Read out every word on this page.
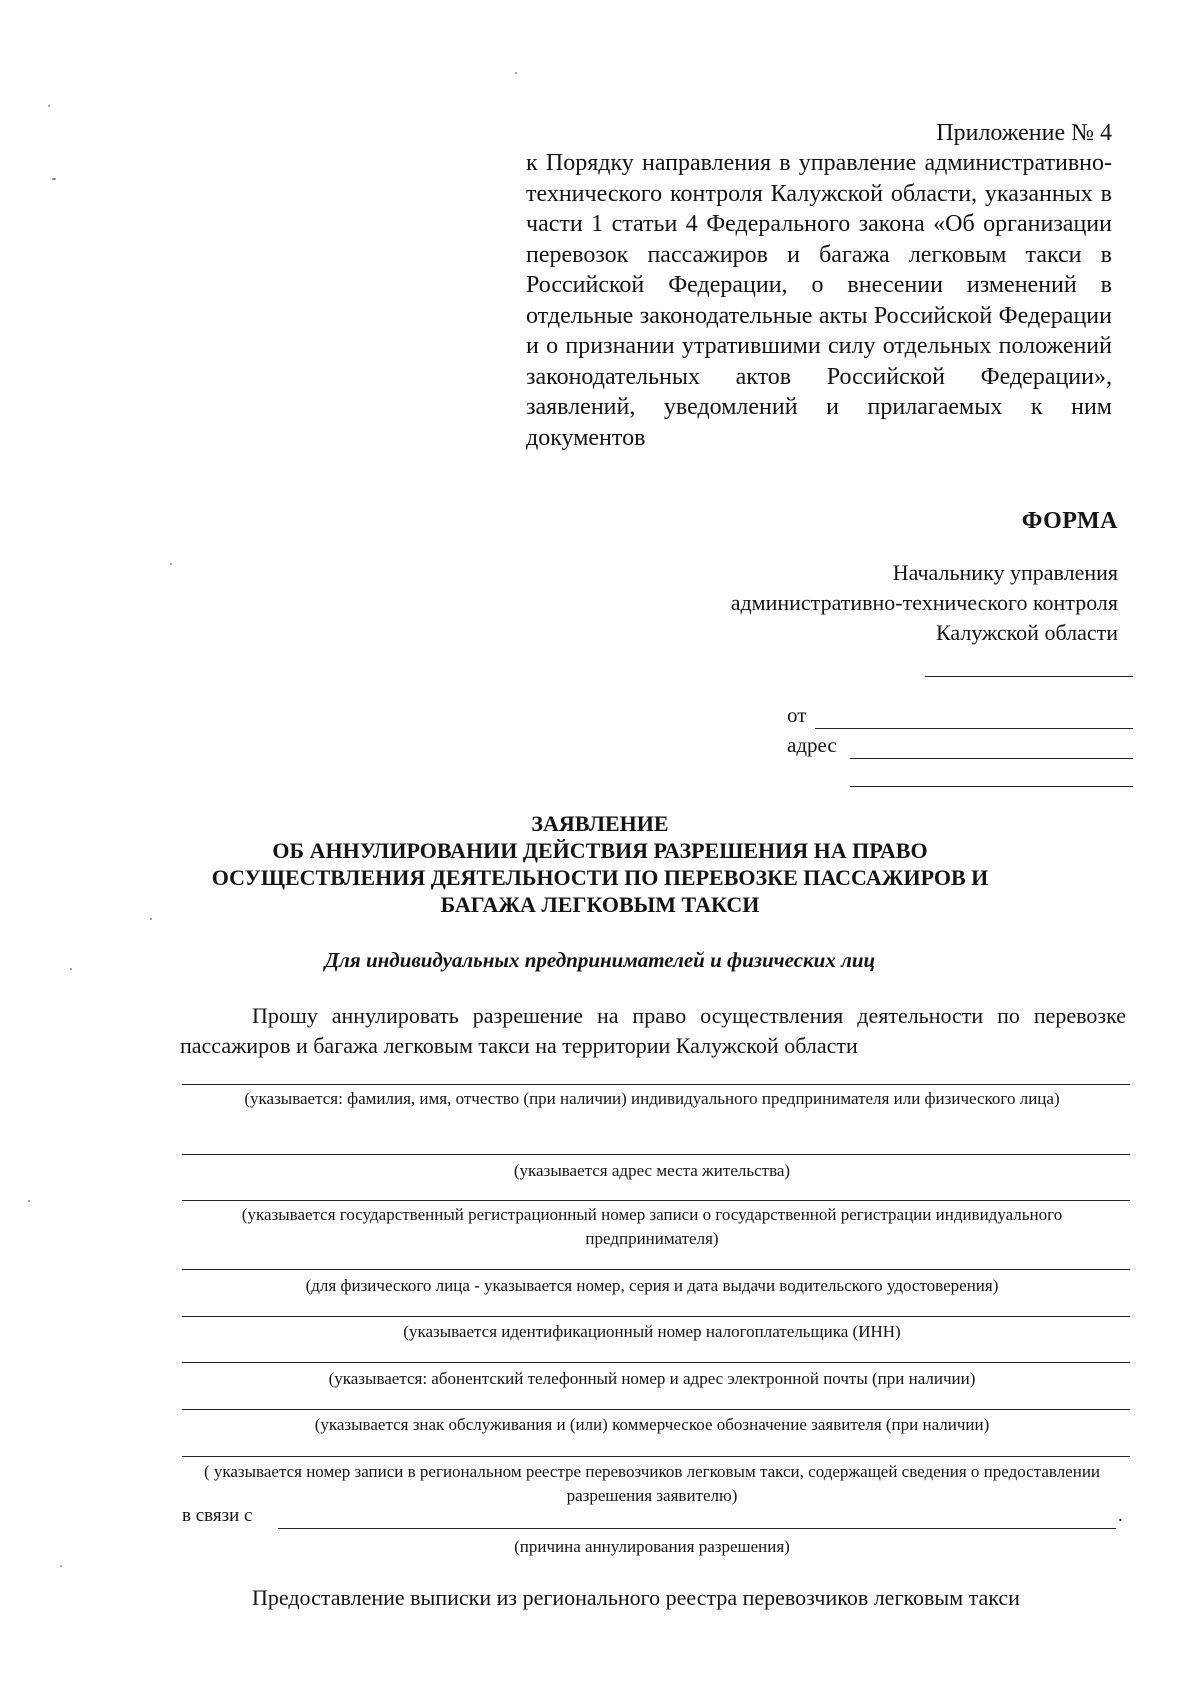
Приложение № 4
к Порядку направления в управление административно-технического контроля Калужской области, указанных в части 1 статьи 4 Федерального закона «Об организации перевозок пассажиров и багажа легковым такси в Российской Федерации, о внесении изменений в отдельные законодательные акты Российской Федерации и о признании утратившими силу отдельных положений законодательных актов Российской Федерации», заявлений, уведомлений и прилагаемых к ним документов
ФОРМА
Начальнику управления
административно-технического контроля
Калужской области
от
адрес
ЗАЯВЛЕНИЕ
ОБ АННУЛИРОВАНИИ ДЕЙСТВИЯ РАЗРЕШЕНИЯ НА ПРАВО
ОСУЩЕСТВЛЕНИЯ ДЕЯТЕЛЬНОСТИ ПО ПЕРЕВОЗКЕ ПАССАЖИРОВ И
БАГАЖА ЛЕГКОВЫМ ТАКСИ
Для индивидуальных предпринимателей и физических лиц
Прошу аннулировать разрешение на право осуществления деятельности по перевозке пассажиров и багажа легковым такси на территории Калужской области
(указывается: фамилия, имя, отчество (при наличии) индивидуального предпринимателя или физического лица)
(указывается адрес места жительства)
(указывается государственный регистрационный номер записи о государственной регистрации индивидуального предпринимателя)
(для физического лица - указывается номер, серия и дата выдачи водительского удостоверения)
(указывается идентификационный номер налогоплательщика (ИНН)
(указывается: абонентский телефонный номер и адрес электронной почты (при наличии)
(указывается знак обслуживания и (или) коммерческое обозначение заявителя (при наличии)
( указывается номер записи в региональном реестре перевозчиков легковым такси, содержащей сведения о предоставлении разрешения заявителю)
в связи с	.
(причина аннулирования разрешения)
Предоставление выписки из регионального реестра перевозчиков легковым такси
